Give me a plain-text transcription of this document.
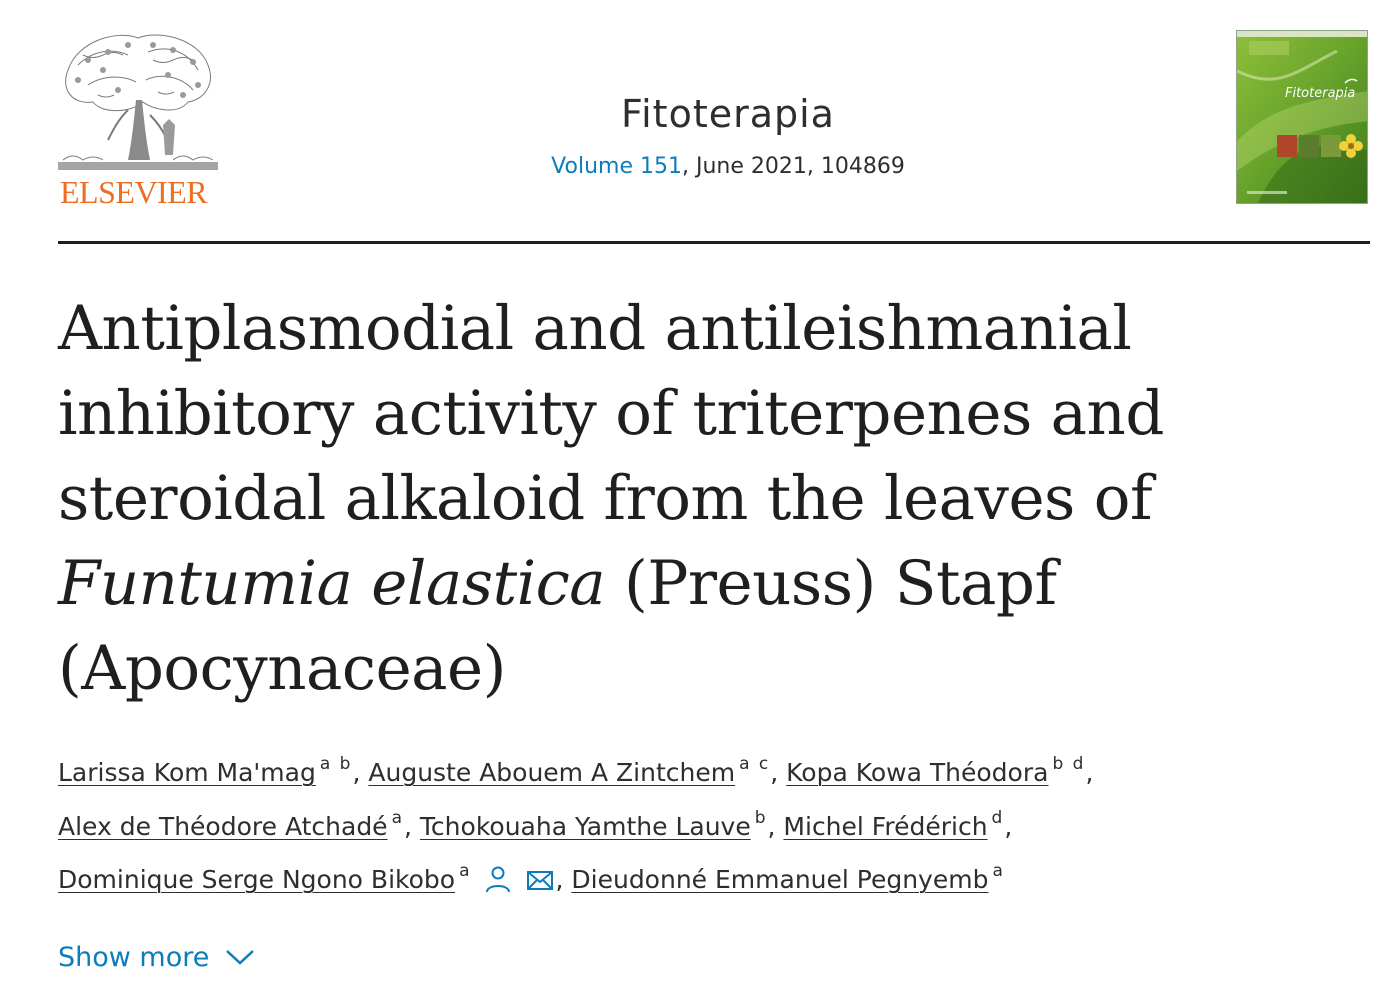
ELSEVIER
Fitoterapia
Volume 151, June 2021, 104869
Fitoterapia
Antiplasmodial and antileishmanial inhibitory activity of triterpenes and steroidal alkaloid from the leaves of Funtumia elastica (Preuss) Stapf (Apocynaceae)
Larissa Kom Ma'mag $^{a b}$, Auguste Abouem A Zintchem $^{a c}$, Kopa Kowa Théodora $^{b d}$,
Alex de Théodore Atchadé $^a$, Tchokouaha Yamthe Lauve $^b$, Michel Frédérich $^d$,
Dominique Serge Ngono Bikobo $^a$	, Dieudonné Emmanuel Pegnyemb $^a$
Show more
